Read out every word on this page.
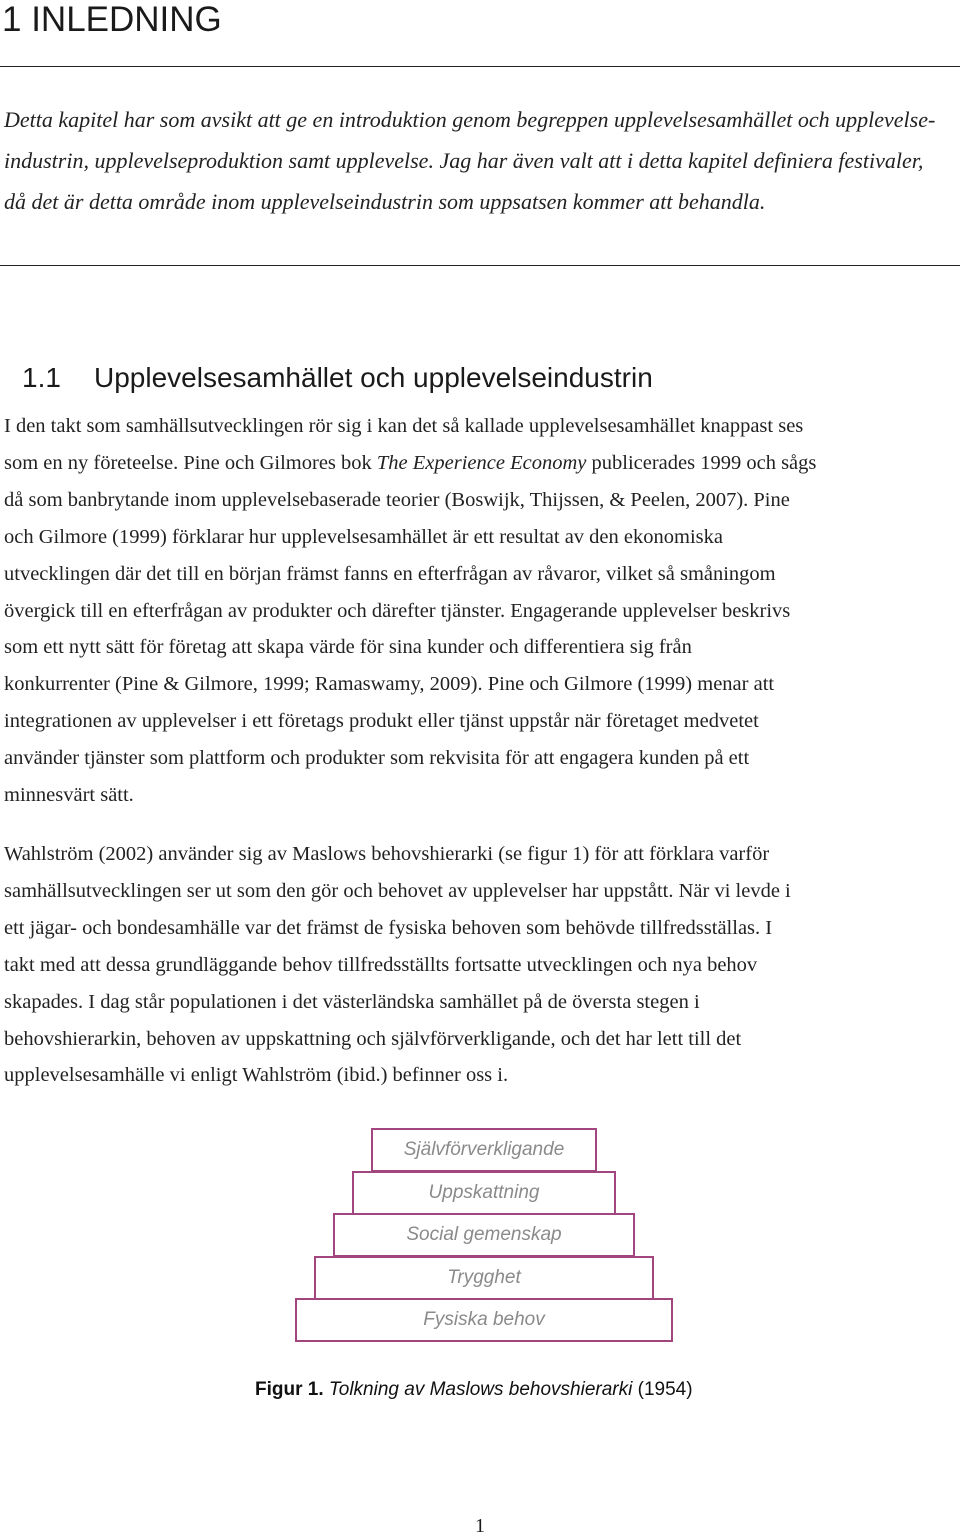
1 INLEDNING

Detta kapitel har som avsikt att ge en introduktion genom begreppen upplevelsesamhället och upplevelse-
industrin, upplevelseproduktion samt upplevelse. Jag har även valt att i detta kapitel definiera festivaler,
då det är detta område inom upplevelseindustrin som uppsatsen kommer att behandla.

1.1 Upplevelsesamhället och upplevelseindustrin

I den takt som samhällsutvecklingen rör sig i kan det så kallade upplevelsesamhället knappast ses
som en ny företeelse. Pine och Gilmores bok The Experience Economy publicerades 1999 och sågs
då som banbrytande inom upplevelsebaserade teorier (Boswijk, Thijssen, & Peelen, 2007). Pine
och Gilmore (1999) förklarar hur upplevelsesamhället är ett resultat av den ekonomiska
utvecklingen där det till en början främst fanns en efterfrågan av råvaror, vilket så småningom
övergick till en efterfrågan av produkter och därefter tjänster. Engagerande upplevelser beskrivs
som ett nytt sätt för företag att skapa värde för sina kunder och differentiera sig från
konkurrenter (Pine & Gilmore, 1999; Ramaswamy, 2009). Pine och Gilmore (1999) menar att
integrationen av upplevelser i ett företags produkt eller tjänst uppstår när företaget medvetet
använder tjänster som plattform och produkter som rekvisita för att engagera kunden på ett
minnesvärt sätt.

Wahlström (2002) använder sig av Maslows behovshierarki (se figur 1) för att förklara varför
samhällsutvecklingen ser ut som den gör och behovet av upplevelser har uppstått. När vi levde i
ett jägar- och bondesamhälle var det främst de fysiska behoven som behövde tillfredsställas. I
takt med att dessa grundläggande behov tillfredsställts fortsatte utvecklingen och nya behov
skapades. I dag står populationen i det västerländska samhället på de översta stegen i
behovshierarkin, behoven av uppskattning och självförverkligande, och det har lett till det
upplevelsesamhälle vi enligt Wahlström (ibid.) befinner oss i.

Självförverkligande
Uppskattning
Social gemenskap
Trygghet
Fysiska behov
Figur 1. Tolkning av Maslows behovshierarki (1954)
1
